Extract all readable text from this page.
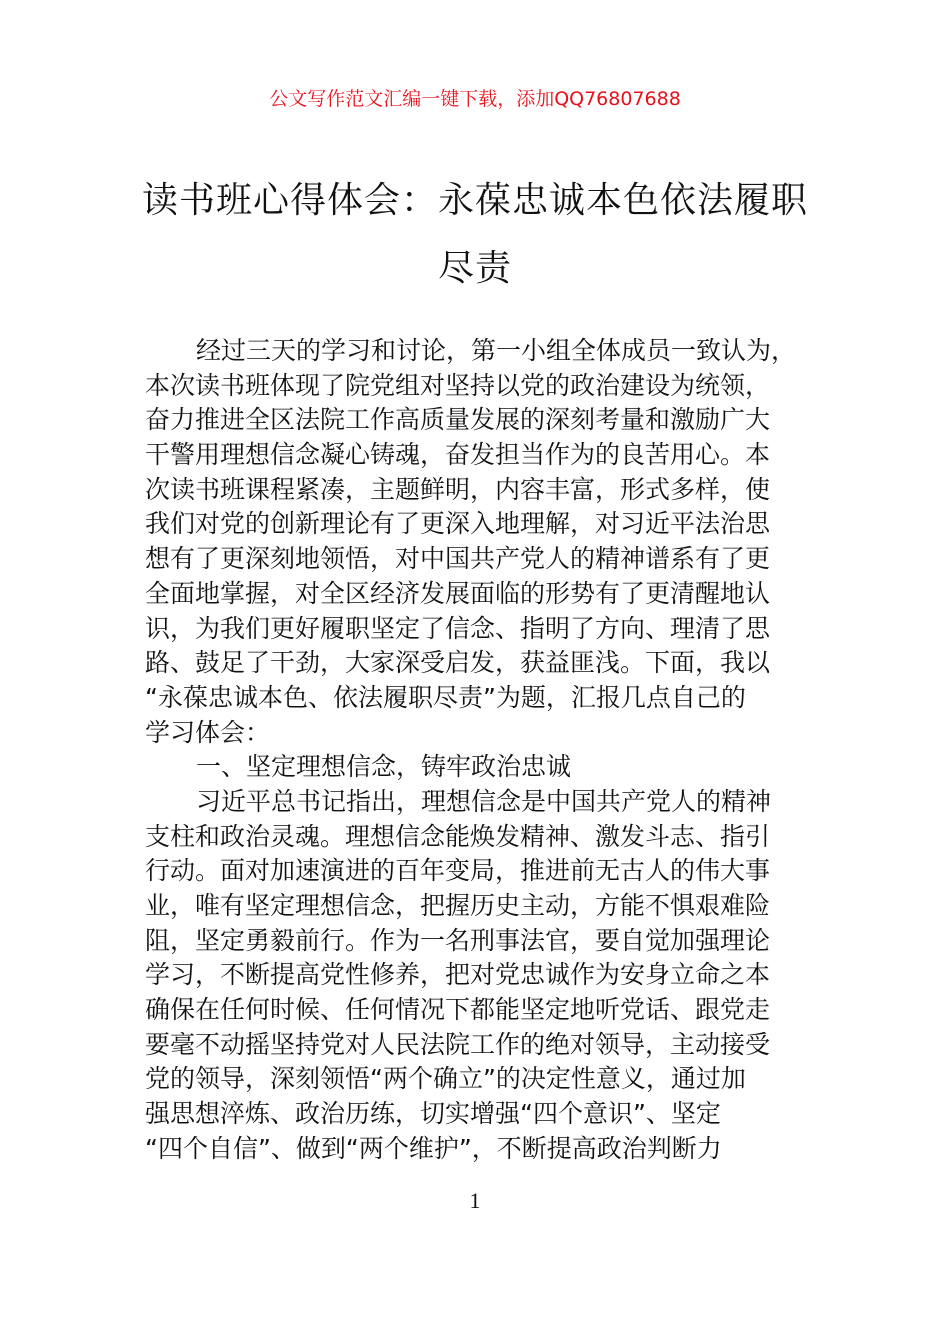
公文写作范文汇编一键下载，添加QQ76807688
读书班心得体会：永葆忠诚本色依法履职
尽责
经过三天的学习和讨论，第一小组全体成员一致认为，
本次读书班体现了院党组对坚持以党的政治建设为统领，
奋力推进全区法院工作高质量发展的深刻考量和激励广大
干警用理想信念凝心铸魂，奋发担当作为的良苦用心。本
次读书班课程紧凑，主题鲜明，内容丰富，形式多样，使
我们对党的创新理论有了更深入地理解，对习近平法治思
想有了更深刻地领悟，对中国共产党人的精神谱系有了更
全面地掌握，对全区经济发展面临的形势有了更清醒地认
识，为我们更好履职坚定了信念、指明了方向、理清了思
路、鼓足了干劲，大家深受启发，获益匪浅。下面，我以
“永葆忠诚本色、依法履职尽责”为题，汇报几点自己的
学习体会：
一、坚定理想信念，铸牢政治忠诚
习近平总书记指出，理想信念是中国共产党人的精神
支柱和政治灵魂。理想信念能焕发精神、激发斗志、指引
行动。面对加速演进的百年变局，推进前无古人的伟大事
业，唯有坚定理想信念，把握历史主动，方能不惧艰难险
阻，坚定勇毅前行。作为一名刑事法官，要自觉加强理论
学习，不断提高党性修养，把对党忠诚作为安身立命之本
确保在任何时候、任何情况下都能坚定地听党话、跟党走
要毫不动摇坚持党对人民法院工作的绝对领导，主动接受
党的领导，深刻领悟“两个确立”的决定性意义，通过加
强思想淬炼、政治历练，切实增强“四个意识”、坚定
“四个自信”、做到“两个维护”，不断提高政治判断力
1
